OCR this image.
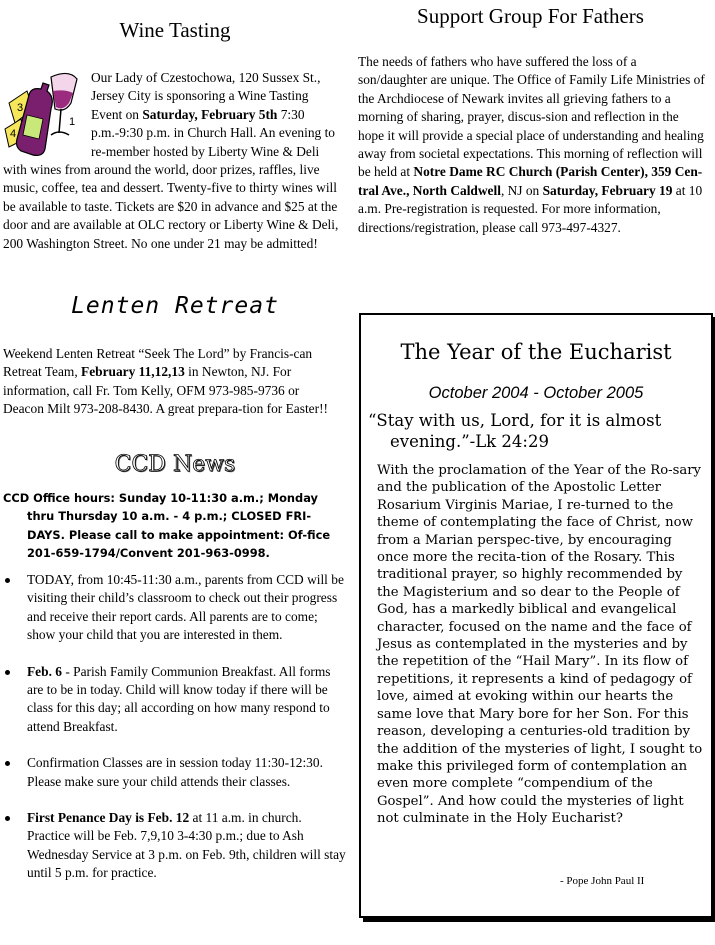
Wine Tasting
3
4
1
Our Lady of Czestochowa, 120 Sussex St., Jersey City is sponsoring a Wine Tasting Event on Saturday, February 5th 7:30 p.m.-9:30 p.m. in Church Hall. An evening to re-member hosted by Liberty Wine & Deli with wines from around the world, door prizes, raffles, live music, coffee, tea and dessert. Twenty-five to thirty wines will be available to taste. Tickets are $20 in advance and $25 at the door and are available at OLC rectory or Liberty Wine & Deli, 200 Washington Street. No one under 21 may be admitted!
Support Group For Fathers
The needs of fathers who have suffered the loss of a son/daughter are unique. The Office of Family Life Ministries of the Archdiocese of Newark invites all grieving fathers to a morning of sharing, prayer, discus-sion and reflection in the hope it will provide a special place of understanding and healing away from societal expectations. This morning of reflection will be held at Notre Dame RC Church (Parish Center), 359 Cen-tral Ave., North Caldwell, NJ on Saturday, February 19 at 10 a.m. Pre-registration is requested. For more information, directions/registration, please call 973-497-4327.
Lenten Retreat
Weekend Lenten Retreat “Seek The Lord” by Francis-can Retreat Team, February 11,12,13 in Newton, NJ. For information, call Fr. Tom Kelly, OFM 973-985-9736 or Deacon Milt 973-208-8430. A great prepara-tion for Easter!!
CCD News
CCD Office hours: Sunday 10-11:30 a.m.; Monday
thru Thursday 10 a.m. - 4 p.m.; CLOSED FRI-DAYS. Please call to make appointment: Of-fice 201-659-1794/Convent 201-963-0998.
TODAY, from 10:45-11:30 a.m., parents from CCD will be visiting their child’s classroom to check out their progress and receive their report cards. All parents are to come; show your child that you are interested in them.
Feb. 6 - Parish Family Communion Breakfast. All forms are to be in today. Child will know today if there will be class for this day; all according on how many respond to attend Breakfast.
Confirmation Classes are in session today 11:30-12:30. Please make sure your child attends their classes.
First Penance Day is Feb. 12 at 11 a.m. in church. Practice will be Feb. 7,9,10 3-4:30 p.m.; due to Ash Wednesday Service at 3 p.m. on Feb. 9th, children will stay until 5 p.m. for practice.
The Year of the Eucharist
October 2004 - October 2005
“Stay with us, Lord, for it is almost evening.”-Lk 24:29
With the proclamation of the Year of the Ro-sary and the publication of the Apostolic Letter Rosarium Virginis Mariae, I re-turned to the theme of contemplating the face of Christ, now from a Marian perspec-tive, by encouraging once more the recita-tion of the Rosary. This traditional prayer, so highly recommended by the Magisterium and so dear to the People of God, has a markedly biblical and evangelical character, focused on the name and the face of Jesus as contemplated in the mysteries and by the repetition of the “Hail Mary”. In its flow of repetitions, it represents a kind of pedagogy of love, aimed at evoking within our hearts the same love that Mary bore for her Son. For this reason, developing a centuries-old tradition by the addition of the mysteries of light, I sought to make this privileged form of contemplation an even more complete “compendium of the Gospel”. And how could the mysteries of light not culminate in the Holy Eucharist?
- Pope John Paul II
